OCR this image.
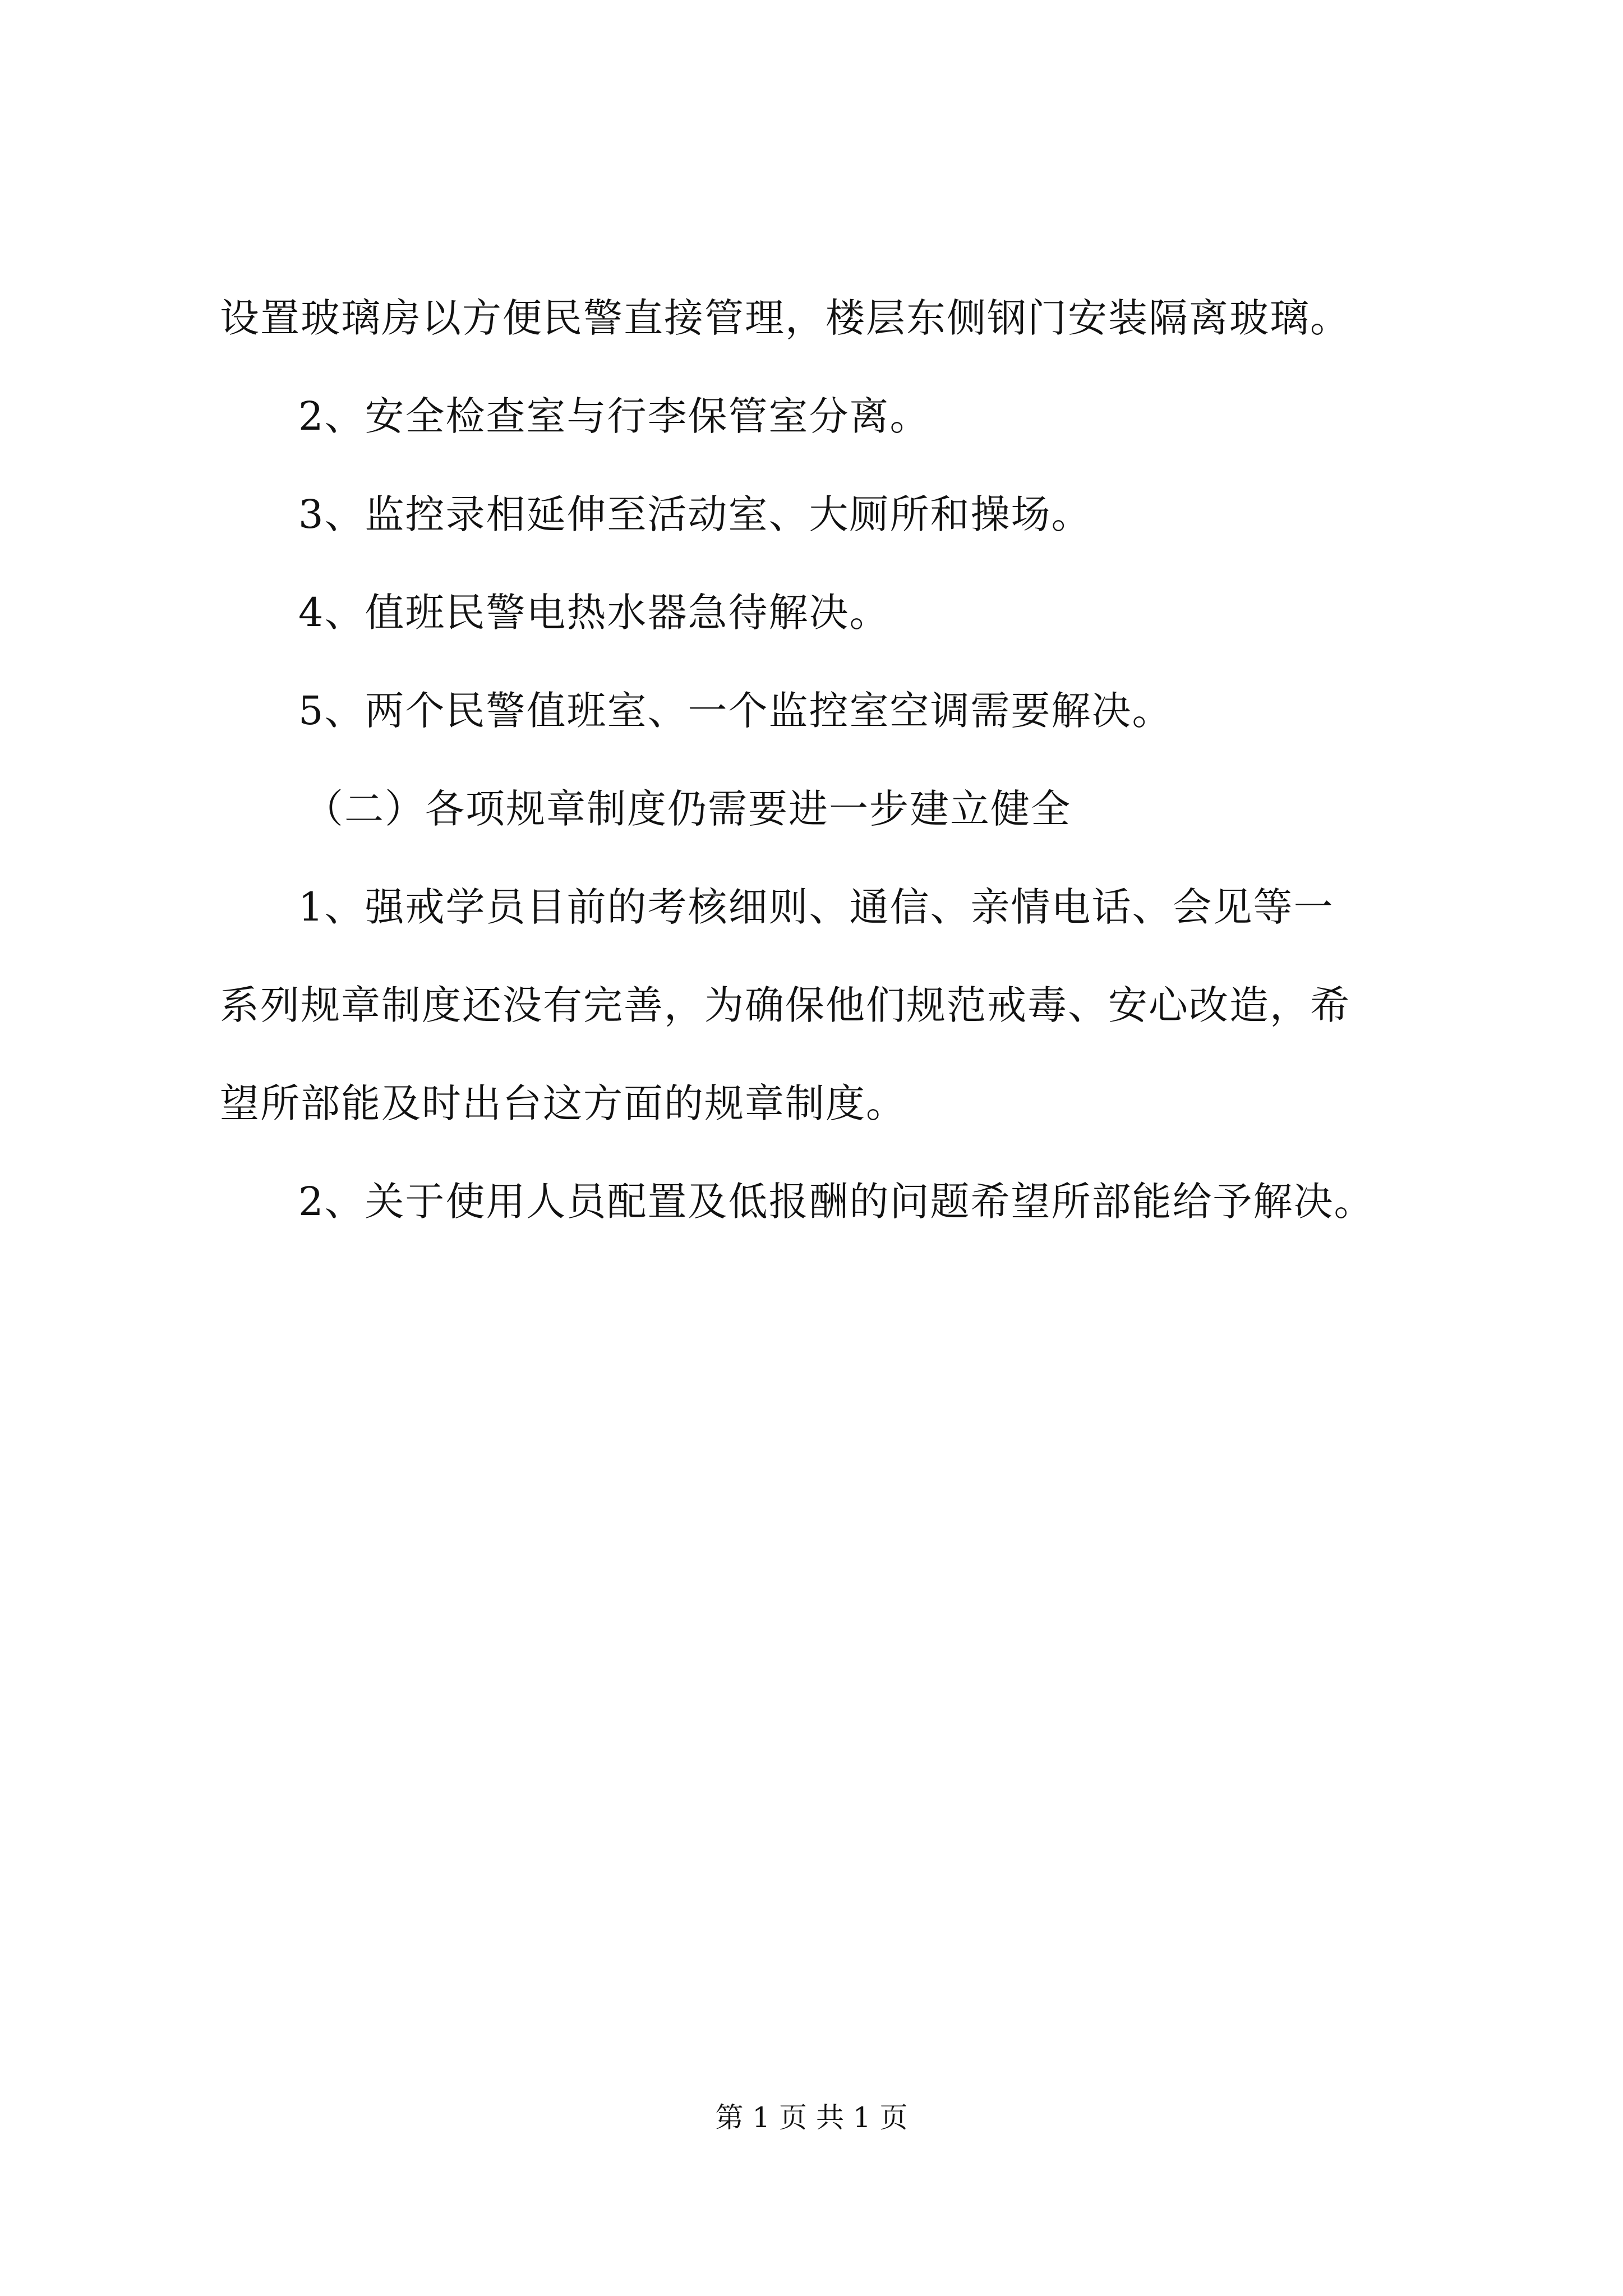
设置玻璃房以方便民警直接管理，楼层东侧钢门安装隔离玻璃。
2、安全检查室与行李保管室分离。
3、监控录相延伸至活动室、大厕所和操场。
4、值班民警电热水器急待解决。
5、两个民警值班室、一个监控室空调需要解决。
（二）各项规章制度仍需要进一步建立健全
1、强戒学员目前的考核细则、通信、亲情电话、会见等一
系列规章制度还没有完善，为确保他们规范戒毒、安心改造，希
望所部能及时出台这方面的规章制度。
2、关于使用人员配置及低报酬的问题希望所部能给予解决。
第 1 页 共 1 页
